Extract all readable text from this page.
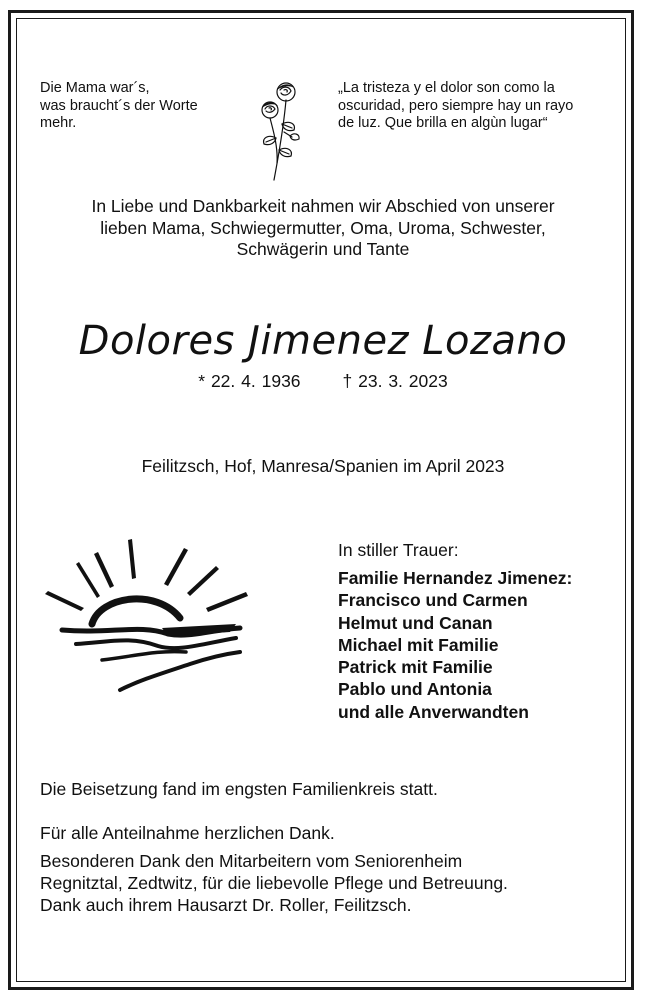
Die Mama war´s,
was braucht´s der Worte
mehr.
„La tristeza y el dolor son como la
oscuridad, pero siempre hay un rayo
de luz. Que brilla en algùn lugar“
In Liebe und Dankbarkeit nahmen wir Abschied von unserer
lieben Mama, Schwiegermutter, Oma, Uroma, Schwester,
Schwägerin und Tante
Dolores Jimenez Lozano
* 22. 4. 1936 † 23. 3. 2023
Feilitzsch, Hof, Manresa/Spanien im April 2023
In stiller Trauer:
Familie Hernandez Jimenez:
Francisco und Carmen
Helmut und Canan
Michael mit Familie
Patrick mit Familie
Pablo und Antonia
und alle Anverwandten
Die Beisetzung fand im engsten Familienkreis statt.
Für alle Anteilnahme herzlichen Dank.
Besonderen Dank den Mitarbeitern vom Seniorenheim
Regnitztal, Zedtwitz, für die liebevolle Pflege und Betreuung.
Dank auch ihrem Hausarzt Dr. Roller, Feilitzsch.
